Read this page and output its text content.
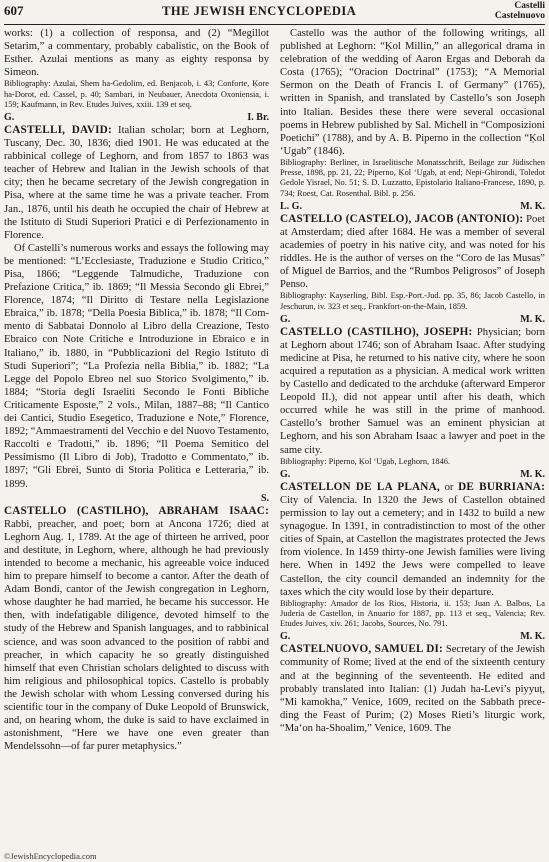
607	THE JEWISH ENCYCLOPEDIA	Castelli
Castelnuovo

works: (1) a collection of responsa, and (2) “Megillot Setarim,” a commentary, probably cabalistic, on the Book of Esther. Azulai mentions as many as eighty responsa by Simeon.

Bibliography: Azulai, Shem ha-Gedolim, ed. Benjacob, i. 43; Conforte, Ḳore ha-Dorot, ed. Cassel, p. 40; Sambari, in Neubauer, Anecdota Oxoniensia, i. 159; Kaufmann, in Rev. Etudes Juives, xxiii. 139 et seq.

G.	I. Br.

CASTELLI, DAVID: Italian scholar; born at Leghorn, Tuscany, Dec. 30, 1836; died 1901. He was educated at the rabbinical college of Leghorn, and from 1857 to 1863 was teacher of Hebrew and Italian in the Jewish schools of that city; then he became secretary of the Jewish congregation in Pisa, where at the same time he was a private teacher. From Jan., 1876, until his death he occupied the chair of Hebrew at the Istituto di Studi Superiori Pratici e di Perfezionamento in Florence.

Of Castelli’s numerous works and essays the following may be mentioned: “L’Ecclesiaste, Traduzione e Studio Critico,” Pisa, 1866; “Leggende Talmudiche, Traduzione con Prefazione Critica,” ib. 1869; “Il Messia Secondo gli Ebrei,” Florence, 1874; “Il Diritto di Testare nella Legislazione Ebraica,” ib. 1878; “Della Poesia Biblica,” ib. 1878; “Il Commento di Sabbatai Donnolo al Libro della Creazione, Testo Ebraico con Note Critiche e Introduzione in Ebraico e in Italiano,” ib. 1880, in “Pubblicazioni del Regio Istituto di Studi Superiori”; “La Profezia nella Biblia,” ib. 1882; “La Legge del Popolo Ebreo nel suo Storico Svolgimento,” ib. 1884; “Storia degli Israeliti Secondo le Fonti Bibliche Criticamente Esposte,” 2 vols., Milan, 1887–88; “Il Cantico dei Cantici, Studio Esegetico, Traduzione e Note,” Florence, 1892; “Ammaestramenti del Vecchio e del Nuovo Testamento, Raccolti e Tradotti,” ib. 1896; “Il Poema Semitico del Pessimismo (Il Libro di Job), Tradotto e Commentato,” ib. 1897; “Gli Ebrei, Sunto di Storia Politica e Letteraria,” ib. 1899.

S.

CASTELLO (CASTILHO), ABRAHAM ISAAC: Rabbi, preacher, and poet; born at Ancona 1726; died at Leghorn Aug. 1, 1789. At the age of thirteen he arrived, poor and destitute, in Leghorn, where, although he had previously intended to become a mechanic, his agreeable voice induced him to prepare himself to become a cantor. After the death of Adam Bondi, cantor of the Jewish congregation in Leghorn, whose daughter he had married, he became his successor. He then, with indefatigable diligence, devoted himself to the study of the Hebrew and Spanish languages, and to rabbinical science, and was soon advanced to the position of rabbi and preacher, in which capacity he so greatly distinguished himself that even Christian scholars delighted to discuss with him religious and philosophical topics. Castello is probably the Jewish scholar with whom Lessing conversed during his scientific tour in the company of Duke Leopold of Brunswick, and, on hearing whom, the duke is said to have exclaimed in astonishment, “Here we have one even greater than Mendelssohn—of far purer metaphysics.”

Castello was the author of the following writings, all published at Leghorn: “Ḳol Millin,” an allegorical drama in celebration of the wedding of Aaron Ergas and Deborah da Costa (1765); “Oracion Doctrinal” (1753); “A Memorial Sermon on the Death of Francis I. of Germany” (1765), written in Spanish, and translated by Castello’s son Joseph into Italian. Besides these there were several occasional poems in Hebrew published by Sal. Michell in “Composizioni Poetichi” (1788), and by A. B. Piperno in the collection “Ḳol ‘Ugab” (1846).

Bibliography: Berliner, in Israelitische Monatsschrift, Beilage zur Jüdischen Presse, 1898, pp. 21, 22; Piperno, Ḳol ‘Ugab, at end; Nepi-Ghirondi, Toledot Gedole Yisrael, No. 51; S. D. Luzzatto, Epistolario Italiano-Francese, 1890, p. 734; Roest, Cat. Rosenthal. Bibl. p. 256.

L. G.	M. K.

CASTELLO (CASTELO), JACOB (ANTONIO): Poet at Amsterdam; died after 1684. He was a member of several academies of poetry in his native city, and was noted for his riddles. He is the author of verses on the “Coro de las Musas” of Miguel de Barrios, and the “Rumbos Peligrosos” of Joseph Penso.

Bibliography: Kayserling, Bibl. Esp.-Port.-Jud. pp. 35, 86; Jacob Castello, in Jeschurun, iv. 323 et seq., Frankfort-on-the-Main, 1859.

G.	M. K.

CASTELLO (CASTILHO), JOSEPH: Physician; born at Leghorn about 1746; son of Abraham Isaac. After studying medicine at Pisa, he returned to his native city, where he soon acquired a reputation as a physician. A medical work written by Castello and dedicated to the archduke (afterward Emperor Leopold II.), did not appear until after his death, which occurred while he was still in the prime of manhood. Castello’s brother Samuel was an eminent physician at Leghorn, and his son Abraham Isaac a lawyer and poet in the same city.

Bibliography: Piperno, Ḳol ‘Ugab, Leghorn, 1846.

G.	M. K.

CASTELLON DE LA PLANA, or DE BURRIANA: City of Valencia. In 1320 the Jews of Castellon obtained permission to lay out a cemetery; and in 1432 to build a new synagogue. In 1391, in contradistinction to most of the other cities of Spain, at Castellon the magistrates protected the Jews from violence. In 1459 thirty-one Jewish families were living here. When in 1492 the Jews were compelled to leave Castellon, the city council demanded an indemnity for the taxes which the city would lose by their departure.

Bibliography: Amador de los Rios, Historia, ii. 153; Juan A. Balbos, La Juderia de Castellon, in Anuario for 1887, pp. 113 et seq., Valencia; Rev. Etudes Juives, xiv. 261; Jacobs, Sources, No. 791.

G.	M. K.

CASTELNUOVO, SAMUEL DI: Secretary of the Jewish community of Rome; lived at the end of the sixteenth century and at the beginning of the seventeenth. He edited and probably translated into Italian: (1) Judah ha-Levi’s piyyuṭ, “Mi kamokha,” Venice, 1609, recited on the Sabbath preceding the Feast of Purim; (2) Moses Rieti’s liturgic work, “Ma‘on ha-Shoalim,” Venice, 1609. The

©JewishEncyclopedia.com
